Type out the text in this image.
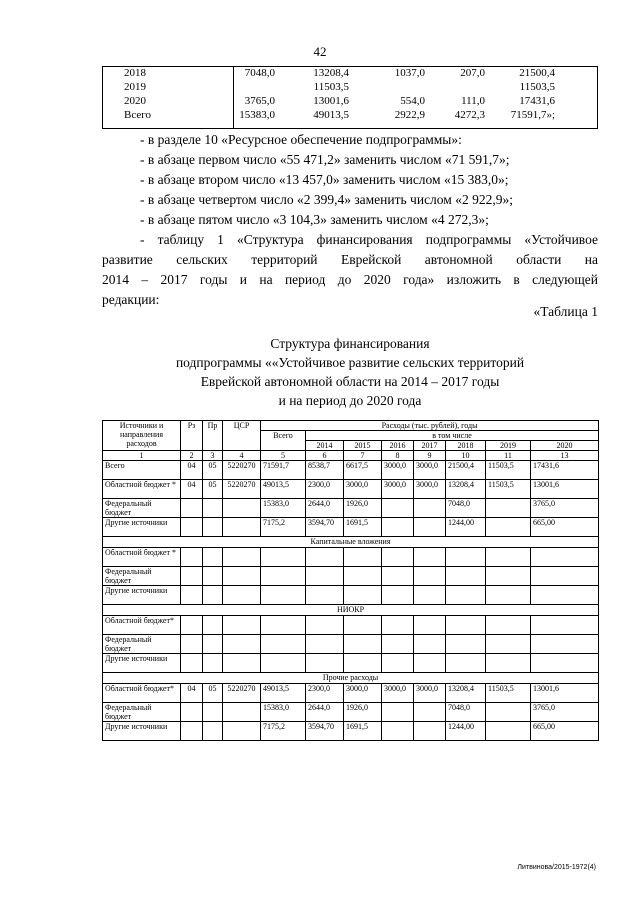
42
2018	7048,0	13208,4	1037,0	207,0	21500,4
2019		11503,5			11503,5
2020	3765,0	13001,6	554,0	111,0	17431,6
Всего	15383,0	49013,5	2922,9	4272,3	71591,7»;

- в разделе 10 «Ресурсное обеспечение подпрограммы»:

- в абзаце первом число «55 471,2» заменить числом «71 591,7»;

- в абзаце втором число «13 457,0» заменить числом «15 383,0»;

- в абзаце четвертом число «2 399,4» заменить числом «2 922,9»;

- в абзаце пятом число «3 104,3» заменить числом «4 272,3»;

- таблицу 1 «Структура финансирования подпрограммы «Устойчивое

развитие сельских территорий Еврейской автономной области на

2014 – 2017 годы и на период до 2020 года» изложить в следующей

редакции:

«Таблица 1
Структура финансирования
подпрограммы ««Устойчивое развитие сельских территорий
Еврейской автономной области на 2014 – 2017 годы
и на период до 2020 года
Источники и направления расходов	Рз	Пр	ЦСР	Расходы (тыс. рублей), годы							
				Всего	в том числе						
					2014	2015	2016	2017	2018	2019	2020
1	2	3	4	5	6	7	8	9	10	11	13
Всего	04	05	5220270	71591,7	8538,7	6617,5	3000,0	3000,0	21500,4	11503,5	17431,6
Областной бюджет *	04	05	5220270	49013,5	2300,0	3000,0	3000,0	3000,0	13208,4	11503,5	13001,6
Федеральный бюджет				15383,0	2644,0	1926,0			7048,0		3765,0
Другие источники				7175,2	3594,70	1691,5			1244,00		665,00
Капитальные вложения											
Областной бюджет *											
Федеральный бюджет											
Другие источники											
НИОКР											
Областной бюджет*											
Федеральный бюджет											
Другие источники											
Прочие расходы											
Областной бюджет*	04	05	5220270	49013,5	2300,0	3000,0	3000,0	3000,0	13208,4	11503,5	13001,6
Федеральный бюджет				15383,0	2644,0	1926,0			7048,0		3765,0
Другие источники				7175,2	3594,70	1691,5			1244,00		665,00
Литвинова/2015-1972(4)
